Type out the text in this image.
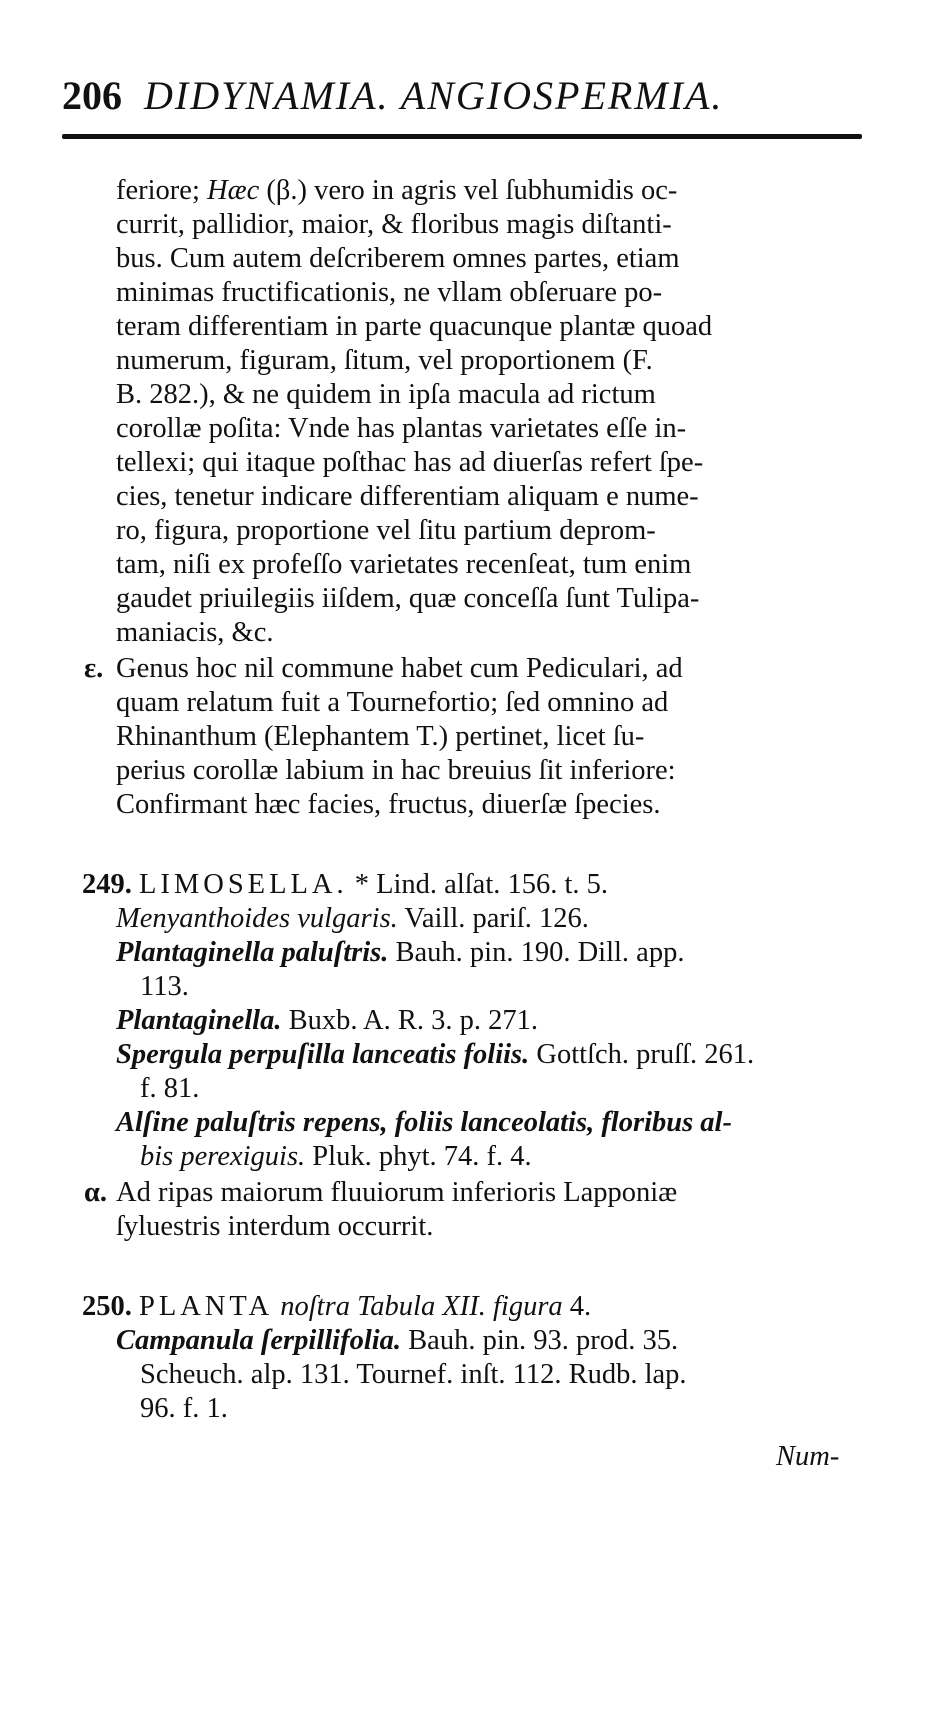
206 DIDYNAMIA. ANGIOSPERMIA.
feriore; Hæc (β.) vero in agris vel ſubhumidis oc-
currit, pallidior, maior, & floribus magis diſtanti-
bus. Cum autem deſcriberem omnes partes, etiam
minimas fructificationis, ne vllam obſeruare po-
teram differentiam in parte quacunque plantæ quoad
numerum, figuram, ſitum, vel proportionem (F.
B. 282.), & ne quidem in ipſa macula ad rictum
corollæ poſita: Vnde has plantas varietates eſſe in-
tellexi; qui itaque poſthac has ad diuerſas refert ſpe-
cies, tenetur indicare differentiam aliquam e nume-
ro, figura, proportione vel ſitu partium deprom-
tam, niſi ex profeſſo varietates recenſeat, tum enim
gaudet priuilegiis iiſdem, quæ conceſſa ſunt Tulipa-
maniacis, &c.
ε. Genus hoc nil commune habet cum Pediculari, ad
quam relatum fuit a Tournefortio; ſed omnino ad
Rhinanthum (Elephantem T.) pertinet, licet ſu-
perius corollæ labium in hac breuius ſit inferiore:
Confirmant hæc facies, fructus, diuerſæ ſpecies.
249. LIMOSELLA. * Lind. alſat. 156. t. 5.
Menyanthoides vulgaris. Vaill. pariſ. 126.
Plantaginella paluſtris. Bauh. pin. 190. Dill. app.
113.
Plantaginella. Buxb. A. R. 3. p. 271.
Spergula perpuſilla lanceatis foliis. Gottſch. pruſſ. 261.
f. 81.
Alſine paluſtris repens, foliis lanceolatis, floribus al-
bis perexiguis. Pluk. phyt. 74. f. 4.
α. Ad ripas maiorum fluuiorum inferioris Lapponiæ
ſyluestris interdum occurrit.
250. PLANTA noſtra Tabula XII. figura 4.
Campanula ſerpillifolia. Bauh. pin. 93. prod. 35.
Scheuch. alp. 131. Tournef. inſt. 112. Rudb. lap.
96. f. 1.
Num-
